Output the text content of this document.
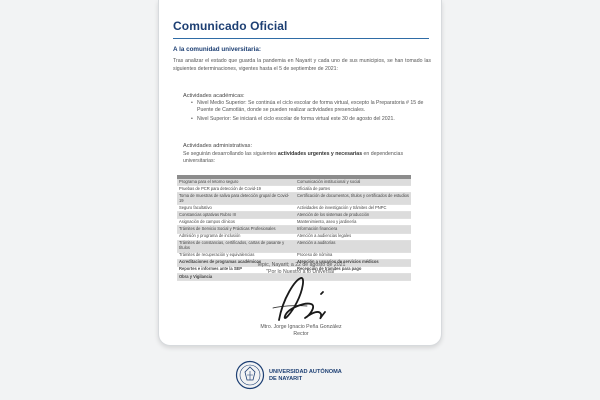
Comunicado Oficial
A la comunidad universitaria:

Tras analizar el estado que guarda la pandemia en Nayarit y cada uno de sus municipios, se han tomado las siguientes determinaciones, vigentes hasta el 5 de septiembre de 2021:

Actividades académicas:
• Nivel Medio Superior: Se continúa el ciclo escolar de forma virtual, excepto la Preparatoria # 15 de Puente de Camotlán, donde se pueden realizar actividades presenciales.
• Nivel Superior: Se iniciará el ciclo escolar de forma virtual este 30 de agosto del 2021.
Actividades administrativas:

Se seguirán desarrollando las siguientes actividades urgentes y necesarias en dependencias universitarias:

Programa para el retorno seguro	Comunicación institucional y social
Pruebas de PCR para detección de Covid-19	Oficialía de partes
Toma de muestras de saliva para detección grupal de Covid-19	Certificación de documentos, títulos y certificados de estudios
Seguro facultativo	Actividades de investigación y trámites del PNPC
Constancias optativas Rubro III	Atención de los sistemas de producción
Asignación de campos clínicos	Mantenimiento, aseo y jardinería
Trámites de Servicio Social y Prácticas Profesionales	Información financiera
Admisión y programa de inclusión	Atención a audiencias legales
Trámites de constancias, certificados, cartas de pasante y títulos	Atención a auditorías
Trámites de recuperación y equivalencias	Proceso de nómina
Acreditaciones de programas académicos	Atención a usuarios de servicios médicos
Reportes e informes ante la SEP	Recepción de trámites para pago
Obra y Vigilancia	
Tepic, Nayarit; a 22 de agosto de 2021
"Por lo Nuestro a lo Universal"
Mtro. Jorge Ignacio Peña González
Rector
UNIVERSIDAD AUTÓNOMA
DE NAYARIT
